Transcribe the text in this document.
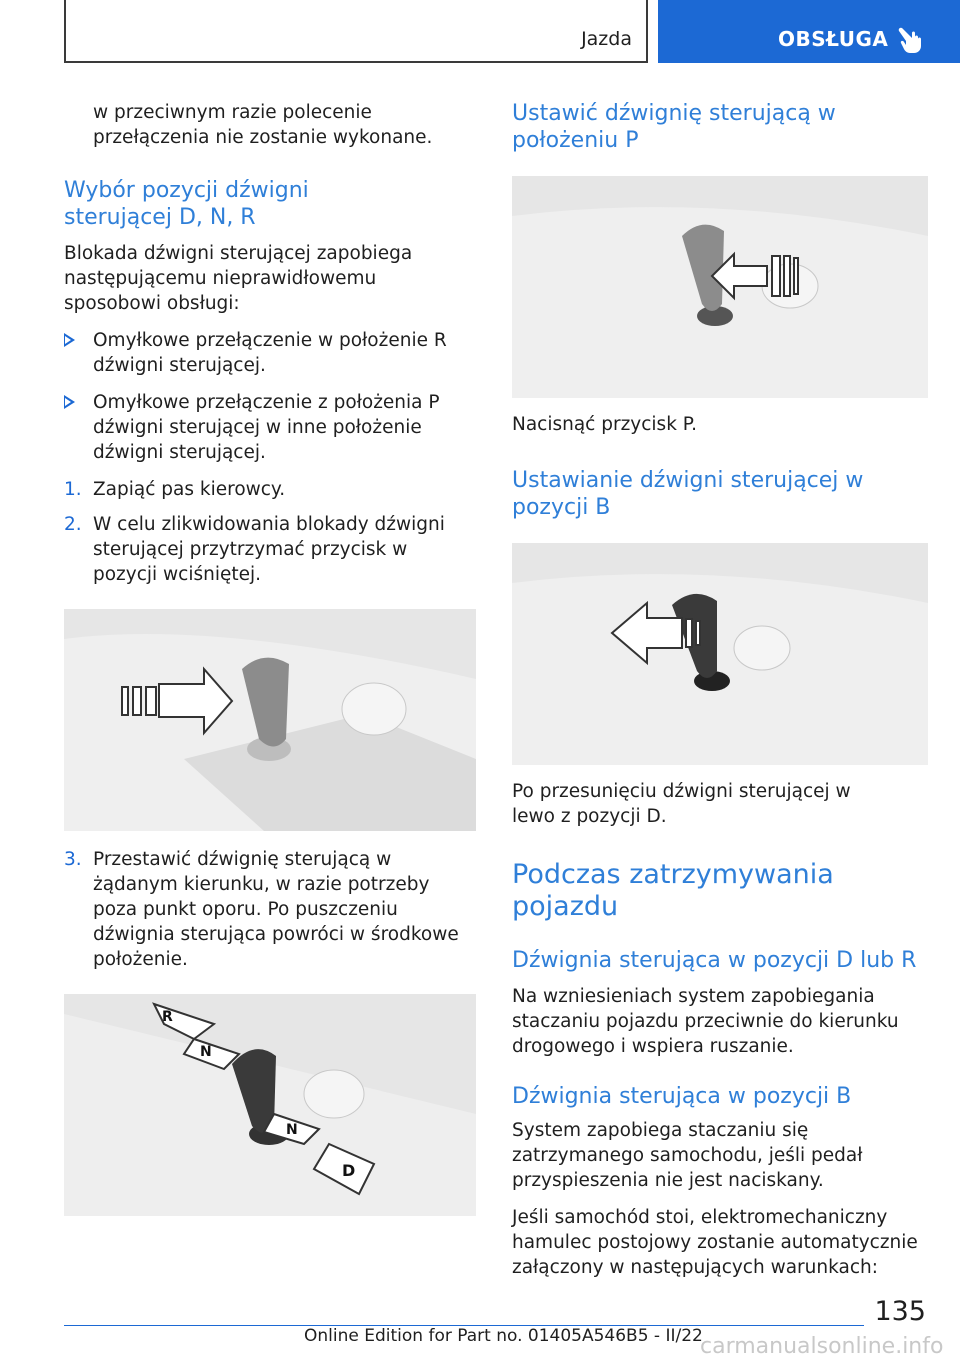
Jazda	OBSŁUGA

w przeciwnym razie polecenie przełączenia nie zostanie wykonane.

Wybór pozycji dźwigni sterującej D, N, R

Blokada dźwigni sterującej zapobiega następującemu nieprawidłowemu sposobowi obsługi:

Omyłkowe przełączenie w położenie R dźwigni sterującej.
Omyłkowe przełączenie z położenia P dźwigni sterującej w inne położenie dźwigni sterującej.
1. Zapiąć pas kierowcy.
2. W celu zlikwidowania blokady dźwigni sterującej przytrzymać przycisk w pozycji wciśniętej.
3. Przestawić dźwignię sterującą w żądanym kierunku, w razie potrzeby poza punkt oporu. Po puszczeniu dźwignia sterująca powróci w środkowe położenie.
R
N
N
D
Ustawić dźwignię sterującą w położeniu P

Nacisnąć przycisk P.

Ustawianie dźwigni sterującej w pozycji B

Po przesunięciu dźwigni sterującej w lewo z pozycji D.

Podczas zatrzymywania pojazdu
Dźwignia sterująca w pozycji D lub R

Na wzniesieniach system zapobiegania staczaniu pojazdu przeciwnie do kierunku drogowego i wspiera ruszanie.

Dźwignia sterująca w pozycji B

System zapobiega staczaniu się zatrzymanego samochodu, jeśli pedał przyspieszenia nie jest naciskany.

Jeśli samochód stoi, elektromechaniczny hamulec postojowy zostanie automatycznie załączony w następujących warunkach:

135
Online Edition for Part no. 01405A546B5 - II/22
carmanualsonline.info
